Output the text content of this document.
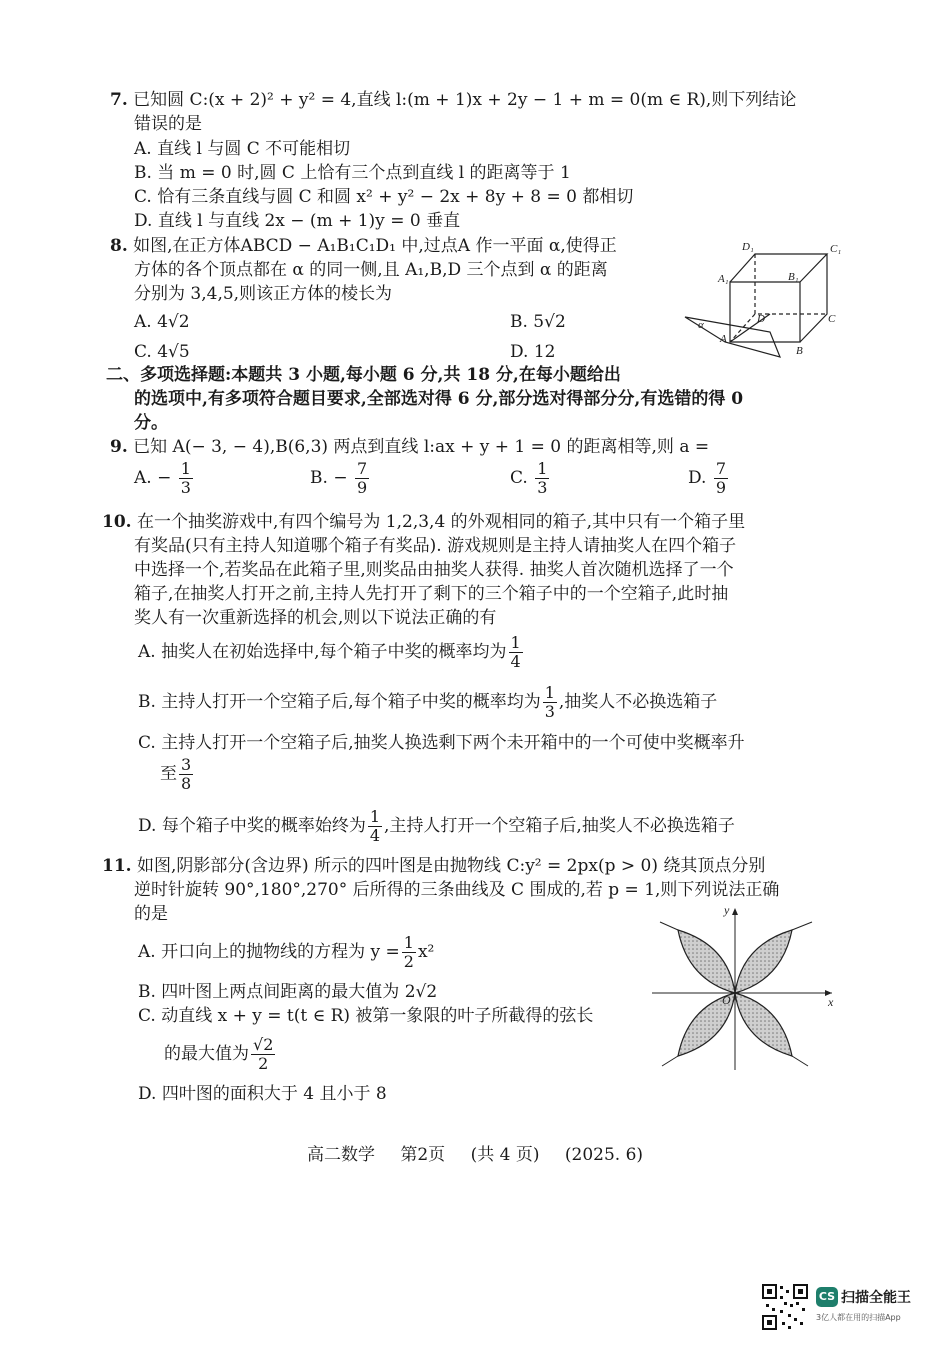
7. 已知圆 C:(x + 2)² + y² = 4,直线 l:(m + 1)x + 2y − 1 + m = 0(m ∈ R),则下列结论
错误的是
A. 直线 l 与圆 C 不可能相切
B. 当 m = 0 时,圆 C 上恰有三个点到直线 l 的距离等于 1
C. 恰有三条直线与圆 C 和圆 x² + y² − 2x + 8y + 8 = 0 都相切
D. 直线 l 与直线 2x − (m + 1)y = 0 垂直
8. 如图,在正方体ABCD − A₁B₁C₁D₁ 中,过点A 作一平面 α,使得正
方体的各个顶点都在 α 的同一侧,且 A₁,B,D 三个点到 α 的距离
分别为 3,4,5,则该正方体的棱长为
A. 4√2	B. 5√2
C. 4√5	D. 12
D₁	C₁
A₁	B₁
D	C
A
B
α
二、多项选择题:本题共 3 小题,每小题 6 分,共 18 分,在每小题给出
的选项中,有多项符合题目要求,全部选对得 6 分,部分选对得部分分,有选错的得 0
分。
9. 已知 A(− 3, − 4),B(6,3) 两点到直线 l:ax + y + 1 = 0 的距离相等,则 a =
A. − $\frac{1}{3}$	B. − $\frac{7}{9}$	C. $\frac{1}{3}$	D. $\frac{7}{9}$
10. 在一个抽奖游戏中,有四个编号为 1,2,3,4 的外观相同的箱子,其中只有一个箱子里
有奖品(只有主持人知道哪个箱子有奖品). 游戏规则是主持人请抽奖人在四个箱子
中选择一个,若奖品在此箱子里,则奖品由抽奖人获得. 抽奖人首次随机选择了一个
箱子,在抽奖人打开之前,主持人先打开了剩下的三个箱子中的一个空箱子,此时抽
奖人有一次重新选择的机会,则以下说法正确的有
A. 抽奖人在初始选择中,每个箱子中奖的概率均为 $\frac{1}{4}$
B. 主持人打开一个空箱子后,每个箱子中奖的概率均为 $\frac{1}{3}$ ,抽奖人不必换选箱子
C. 主持人打开一个空箱子后,抽奖人换选剩下两个未开箱中的一个可使中奖概率升
至 $\frac{3}{8}$
D. 每个箱子中奖的概率始终为 $\frac{1}{4}$ ,主持人打开一个空箱子后,抽奖人不必换选箱子
11. 如图,阴影部分(含边界) 所示的四叶图是由抛物线 C:y² = 2px(p > 0) 绕其顶点分别
逆时针旋转 90°,180°,270° 后所得的三条曲线及 C 围成的,若 p = 1,则下列说法正确
的是
A. 开口向上的抛物线的方程为 $y = \frac{1}{2} x^2$
B. 四叶图上两点间距离的最大值为 2√2
C. 动直线 x + y = t(t ∈ R) 被第一象限的叶子所截得的弦长
的最大值为 $\frac{√2}{2}$
D. 四叶图的面积大于 4 且小于 8
y
x
O
高二数学 第2页 (共 4 页) (2025. 6)
CS 扫描全能王
3亿人都在用的扫描App
